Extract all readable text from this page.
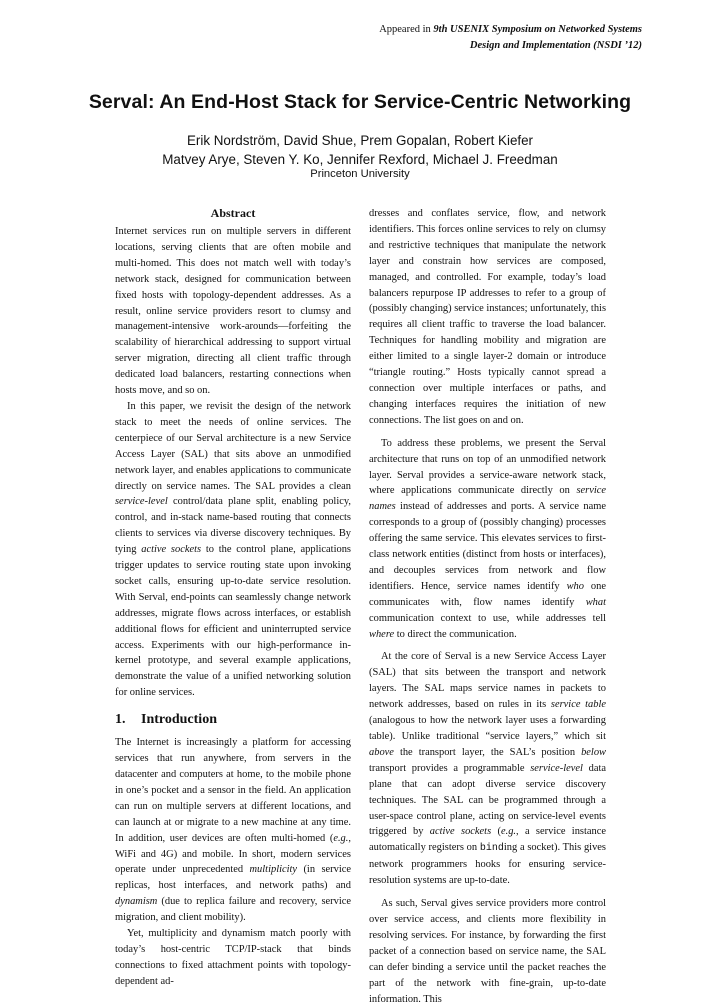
Appeared in 9th USENIX Symposium on Networked Systems
Design and Implementation (NSDI ’12)
Serval: An End-Host Stack for Service-Centric Networking
Erik Nordström, David Shue, Prem Gopalan, Robert Kiefer
Matvey Arye, Steven Y. Ko, Jennifer Rexford, Michael J. Freedman
Princeton University
Abstract

Internet services run on multiple servers in different locations, serving clients that are often mobile and multi-homed. This does not match well with today’s network stack, designed for communication between fixed hosts with topology-dependent addresses. As a result, online service providers resort to clumsy and management-intensive work-arounds—forfeiting the scalability of hierarchical addressing to support virtual server migration, directing all client traffic through dedicated load balancers, restarting connections when hosts move, and so on.

In this paper, we revisit the design of the network stack to meet the needs of online services. The centerpiece of our Serval architecture is a new Service Access Layer (SAL) that sits above an unmodified network layer, and enables applications to communicate directly on service names. The SAL provides a clean service-level control/data plane split, enabling policy, control, and in-stack name-based routing that connects clients to services via diverse discovery techniques. By tying active sockets to the control plane, applications trigger updates to service routing state upon invoking socket calls, ensuring up-to-date service resolution. With Serval, end-points can seamlessly change network addresses, migrate flows across interfaces, or establish additional flows for efficient and uninterrupted service access. Experiments with our high-performance in-kernel prototype, and several example applications, demonstrate the value of a unified networking solution for online services.

1. Introduction

The Internet is increasingly a platform for accessing services that run anywhere, from servers in the datacenter and computers at home, to the mobile phone in one’s pocket and a sensor in the field. An application can run on multiple servers at different locations, and can launch at or migrate to a new machine at any time. In addition, user devices are often multi-homed (e.g., WiFi and 4G) and mobile. In short, modern services operate under unprecedented multiplicity (in service replicas, host interfaces, and network paths) and dynamism (due to replica failure and recovery, service migration, and client mobility).

Yet, multiplicity and dynamism match poorly with today’s host-centric TCP/IP-stack that binds connections to fixed attachment points with topology-dependent ad-

dresses and conflates service, flow, and network identifiers. This forces online services to rely on clumsy and restrictive techniques that manipulate the network layer and constrain how services are composed, managed, and controlled. For example, today’s load balancers repurpose IP addresses to refer to a group of (possibly changing) service instances; unfortunately, this requires all client traffic to traverse the load balancer. Techniques for handling mobility and migration are either limited to a single layer-2 domain or introduce “triangle routing.” Hosts typically cannot spread a connection over multiple interfaces or paths, and changing interfaces requires the initiation of new connections. The list goes on and on.

To address these problems, we present the Serval architecture that runs on top of an unmodified network layer. Serval provides a service-aware network stack, where applications communicate directly on service names instead of addresses and ports. A service name corresponds to a group of (possibly changing) processes offering the same service. This elevates services to first-class network entities (distinct from hosts or interfaces), and decouples services from network and flow identifiers. Hence, service names identify who one communicates with, flow names identify what communication context to use, while addresses tell where to direct the communication.

At the core of Serval is a new Service Access Layer (SAL) that sits between the transport and network layers. The SAL maps service names in packets to network addresses, based on rules in its service table (analogous to how the network layer uses a forwarding table). Unlike traditional “service layers,” which sit above the transport layer, the SAL’s position below transport provides a programmable service-level data plane that can adopt diverse service discovery techniques. The SAL can be programmed through a user-space control plane, acting on service-level events triggered by active sockets (e.g., a service instance automatically registers on binding a socket). This gives network programmers hooks for ensuring service-resolution systems are up-to-date.

As such, Serval gives service providers more control over service access, and clients more flexibility in resolving services. For instance, by forwarding the first packet of a connection based on service name, the SAL can defer binding a service until the packet reaches the part of the network with fine-grain, up-to-date information. This
